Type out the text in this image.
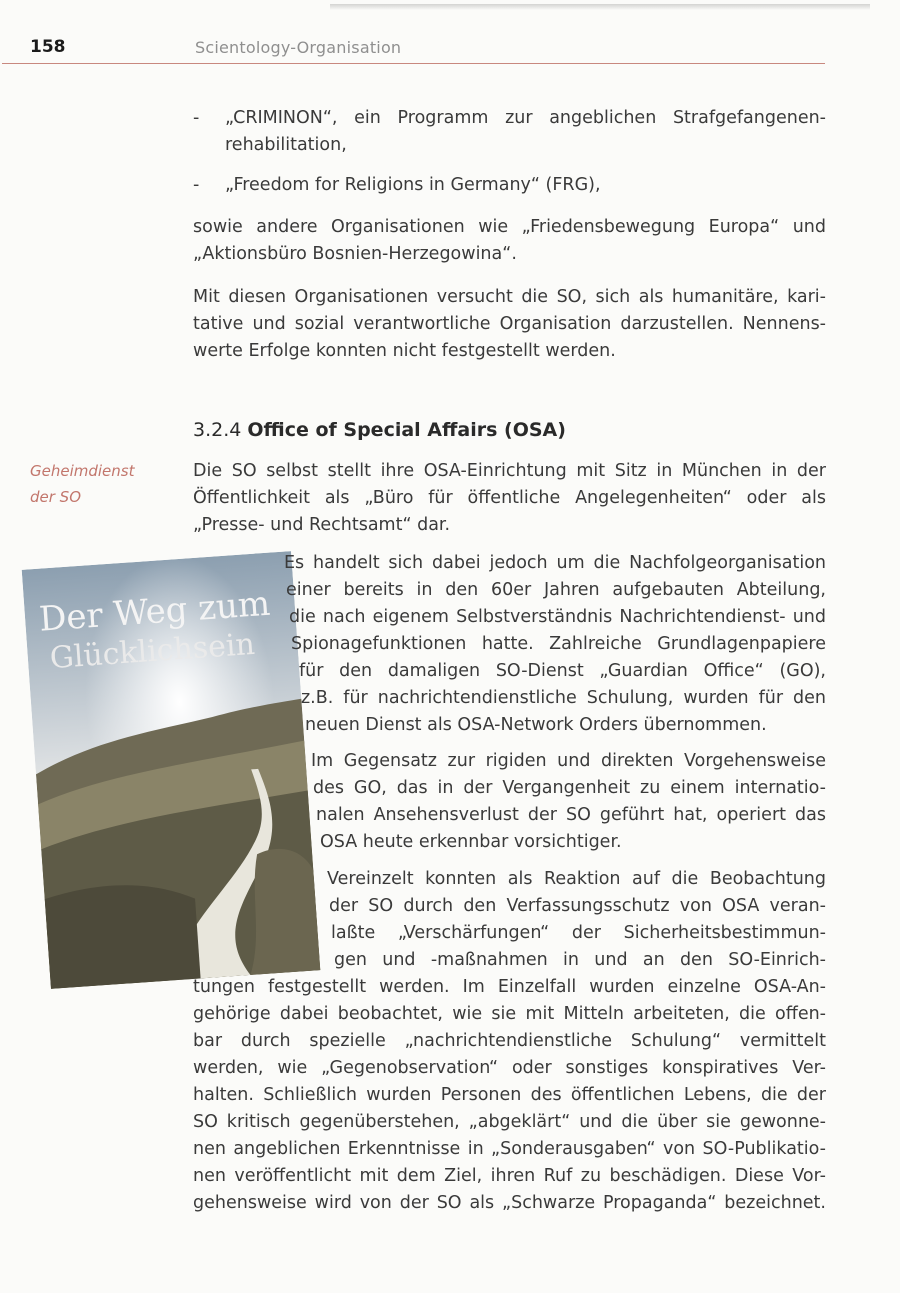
158	Scientology-Organisation
-	„CRIMINON“, ein Programm zur angeblichen Strafgefangenen-
rehabilitation,
-	„Freedom for Religions in Germany“ (FRG),
sowie andere Organisationen wie „Friedensbewegung Europa“ und
„Aktionsbüro Bosnien-Herzegowina“.
Mit diesen Organisationen versucht die SO, sich als humanitäre, kari-
tative und sozial verantwortliche Organisation darzustellen. Nennens-
werte Erfolge konnten nicht festgestellt werden.
3.2.4 Office of Special Affairs (OSA)
Geheimdienst
der SO
Die SO selbst stellt ihre OSA-Einrichtung mit Sitz in München in der
Öffentlichkeit als „Büro für öffentliche Angelegenheiten“ oder als
„Presse- und Rechtsamt“ dar.
Der Weg zum
Glücklichsein
Es handelt sich dabei jedoch um die Nachfolgeorganisation
einer bereits in den 60er Jahren aufgebauten Abteilung,
die nach eigenem Selbstverständnis Nachrichtendienst- und
Spionagefunktionen hatte. Zahlreiche Grundlagenpapiere
für den damaligen SO-Dienst „Guardian Office“ (GO),
z.B. für nachrichtendienstliche Schulung, wurden für den
neuen Dienst als OSA-Network Orders übernommen.
Im Gegensatz zur rigiden und direkten Vorgehensweise
des GO, das in der Vergangenheit zu einem internatio-
nalen Ansehensverlust der SO geführt hat, operiert das
OSA heute erkennbar vorsichtiger.
Vereinzelt konnten als Reaktion auf die Beobachtung
der SO durch den Verfassungsschutz von OSA veran-
laßte „Verschärfungen“ der Sicherheitsbestimmun-
gen und -maßnahmen in und an den SO-Einrich-
tungen festgestellt werden. Im Einzelfall wurden einzelne OSA-An-
gehörige dabei beobachtet, wie sie mit Mitteln arbeiteten, die offen-
bar durch spezielle „nachrichtendienstliche Schulung“ vermittelt
werden, wie „Gegenobservation“ oder sonstiges konspiratives Ver-
halten. Schließlich wurden Personen des öffentlichen Lebens, die der
SO kritisch gegenüberstehen, „abgeklärt“ und die über sie gewonne-
nen angeblichen Erkenntnisse in „Sonderausgaben“ von SO-Publikatio-
nen veröffentlicht mit dem Ziel, ihren Ruf zu beschädigen. Diese Vor-
gehensweise wird von der SO als „Schwarze Propaganda“ bezeichnet.
